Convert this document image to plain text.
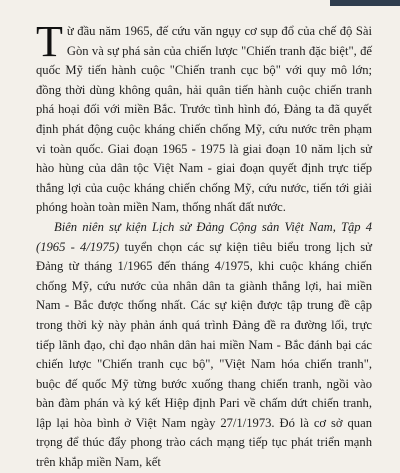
Từ đầu năm 1965, đế cứu văn ngụy cơ sụp đổ của chế độ Sài Gòn và sự phá sản của chiến lược "Chiến tranh đặc biệt", đế quốc Mỹ tiến hành cuộc "Chiến tranh cục bộ" với quy mô lớn; đồng thời dùng không quân, hải quân tiến hành cuộc chiến tranh phá hoại đối với miền Bắc. Trước tình hình đó, Đảng ta đã quyết định phát động cuộc kháng chiến chống Mỹ, cứu nước trên phạm vi toàn quốc. Giai đoạn 1965 - 1975 là giai đoạn 10 năm lịch sử hào hùng của dân tộc Việt Nam - giai đoạn quyết định trực tiếp thắng lợi của cuộc kháng chiến chống Mỹ, cứu nước, tiến tới giải phóng hoàn toàn miền Nam, thống nhất đất nước.

Biên niên sự kiện Lịch sử Đảng Cộng sản Việt Nam, Tập 4 (1965 - 4/1975) tuyển chọn các sự kiện tiêu biểu trong lịch sử Đảng từ tháng 1/1965 đến tháng 4/1975, khi cuộc kháng chiến chống Mỹ, cứu nước của nhân dân ta giành thắng lợi, hai miền Nam - Bắc được thống nhất. Các sự kiện được tập trung đề cập trong thời kỳ này phản ánh quá trình Đảng đề ra đường lối, trực tiếp lãnh đạo, chỉ đạo nhân dân hai miền Nam - Bắc đánh bại các chiến lược "Chiến tranh cục bộ", "Việt Nam hóa chiến tranh", buộc đế quốc Mỹ từng bước xuống thang chiến tranh, ngồi vào bàn đàm phán và ký kết Hiệp định Pari về chấm dứt chiến tranh, lập lại hòa bình ở Việt Nam ngày 27/1/1973. Đó là cơ sở quan trọng để thúc đẩy phong trào cách mạng tiếp tục phát triển mạnh trên khắp miền Nam, kết
